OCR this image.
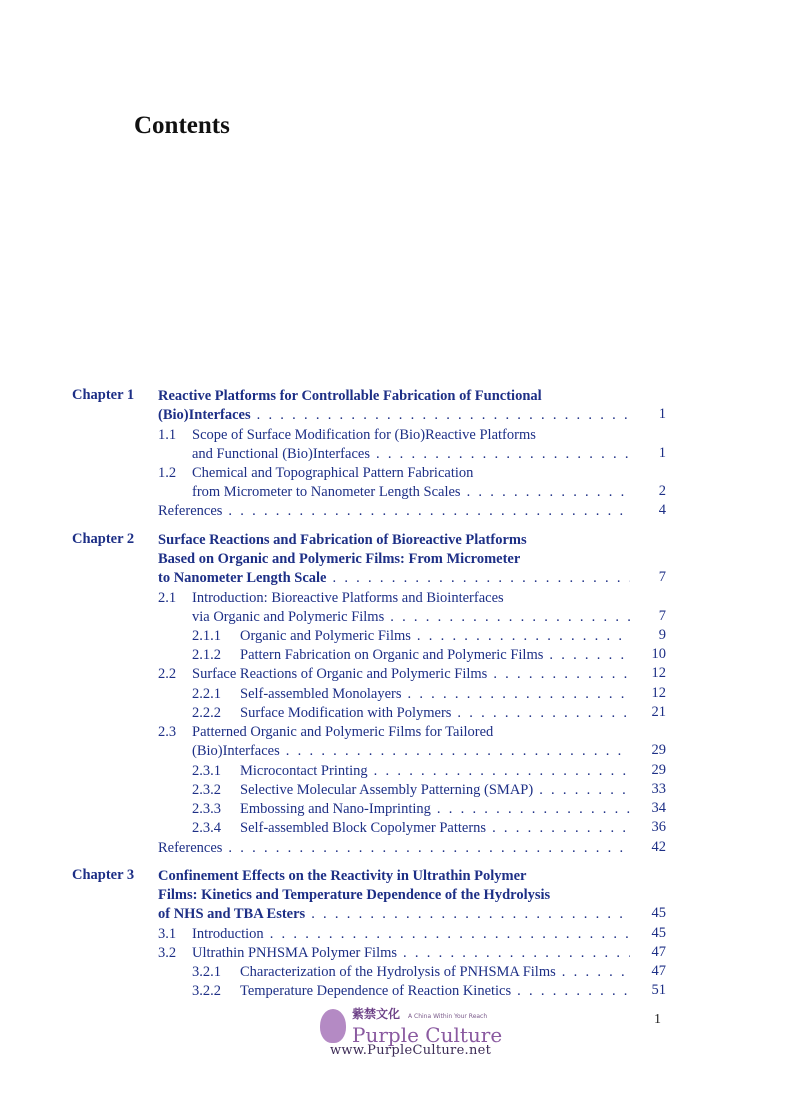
Contents
Chapter 1 Reactive Platforms for Controllable Fabrication of Functional
(Bio)Interfaces . . .	1
1.1 Scope of Surface Modification for (Bio)Reactive Platforms
and Functional (Bio)Interfaces . . .	1
1.2 Chemical and Topographical Pattern Fabrication
from Micrometer to Nanometer Length Scales . . .	2
References . . .	4
Chapter 2 Surface Reactions and Fabrication of Bioreactive Platforms
Based on Organic and Polymeric Films: From Micrometer
to Nanometer Length Scale . . .	7
2.1 Introduction: Bioreactive Platforms and Biointerfaces
via Organic and Polymeric Films . . .	7
2.1.1 Organic and Polymeric Films . . .	9
2.1.2 Pattern Fabrication on Organic and Polymeric Films . . .	10
2.2 Surface Reactions of Organic and Polymeric Films . . .	12
2.2.1 Self-assembled Monolayers . . .	12
2.2.2 Surface Modification with Polymers . . .	21
2.3 Patterned Organic and Polymeric Films for Tailored
(Bio)Interfaces . . .	29
2.3.1 Microcontact Printing . . .	29
2.3.2 Selective Molecular Assembly Patterning (SMAP) . . .	33
2.3.3 Embossing and Nano-Imprinting . . .	34
2.3.4 Self-assembled Block Copolymer Patterns . . .	36
References . . .	42
Chapter 3 Confinement Effects on the Reactivity in Ultrathin Polymer
Films: Kinetics and Temperature Dependence of the Hydrolysis
of NHS and TBA Esters . . .	45
3.1 Introduction . . .	45
3.2 Ultrathin PNHSMA Polymer Films . . .	47
3.2.1 Characterization of the Hydrolysis of PNHSMA Films . . .	47
3.2.2 Temperature Dependence of Reaction Kinetics . . .	51
1
紫禁文化 A China Within Your Reach
Purple Culture
www.PurpleCulture.net
